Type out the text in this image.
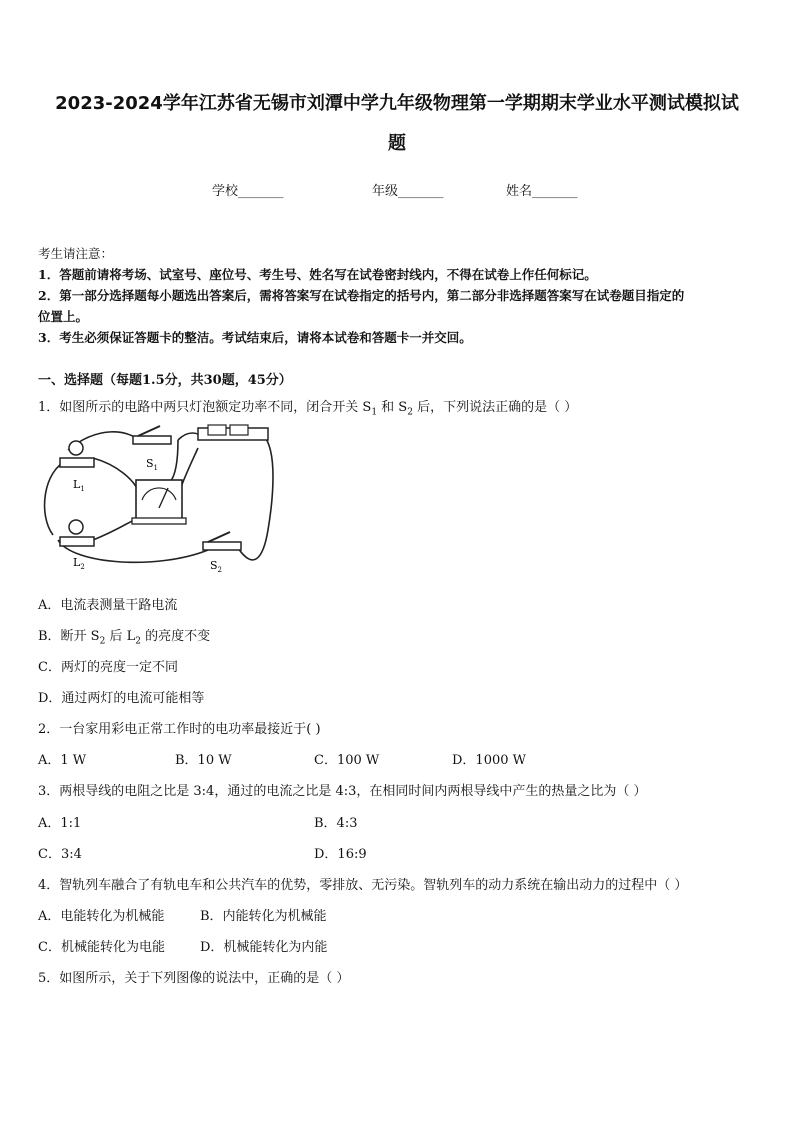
2023-2024学年江苏省无锡市刘潭中学九年级物理第一学期期末学业水平测试模拟试
题
学校_______	年级_______	姓名_______
考生请注意：
1．答题前请将考场、试室号、座位号、考生号、姓名写在试卷密封线内，不得在试卷上作任何标记。
2．第一部分选择题每小题选出答案后，需将答案写在试卷指定的括号内，第二部分非选择题答案写在试卷题目指定的
位置上。
3．考生必须保证答题卡的整洁。考试结束后，请将本试卷和答题卡一并交回。
一、选择题（每题1.5分，共30题，45分）
1．如图所示的电路中两只灯泡额定功率不同，闭合开关 $S_1$ 和 $S_2$ 后，下列说法正确的是（ ）
$S_1$
$L_1$
$L_2$	$S_2$
A．电流表测量干路电流
B．断开 $S_2$ 后 $L_2$ 的亮度不变
C．两灯的亮度一定不同
D．通过两灯的电流可能相等
2．一台家用彩电正常工作时的电功率最接近于( )
A．1 W	B．10 W	C．100 W	D．1000 W
3．两根导线的电阻之比是 3:4，通过的电流之比是 4:3，在相同时间内两根导线中产生的热量之比为（ ）
A．1:1	B．4:3
C．3:4	D．16:9
4．智轨列车融合了有轨电车和公共汽车的优势，零排放、无污染。智轨列车的动力系统在输出动力的过程中（ ）
A．电能转化为机械能	B．内能转化为机械能
C．机械能转化为电能	D．机械能转化为内能
5．如图所示，关于下列图像的说法中，正确的是（ ）
